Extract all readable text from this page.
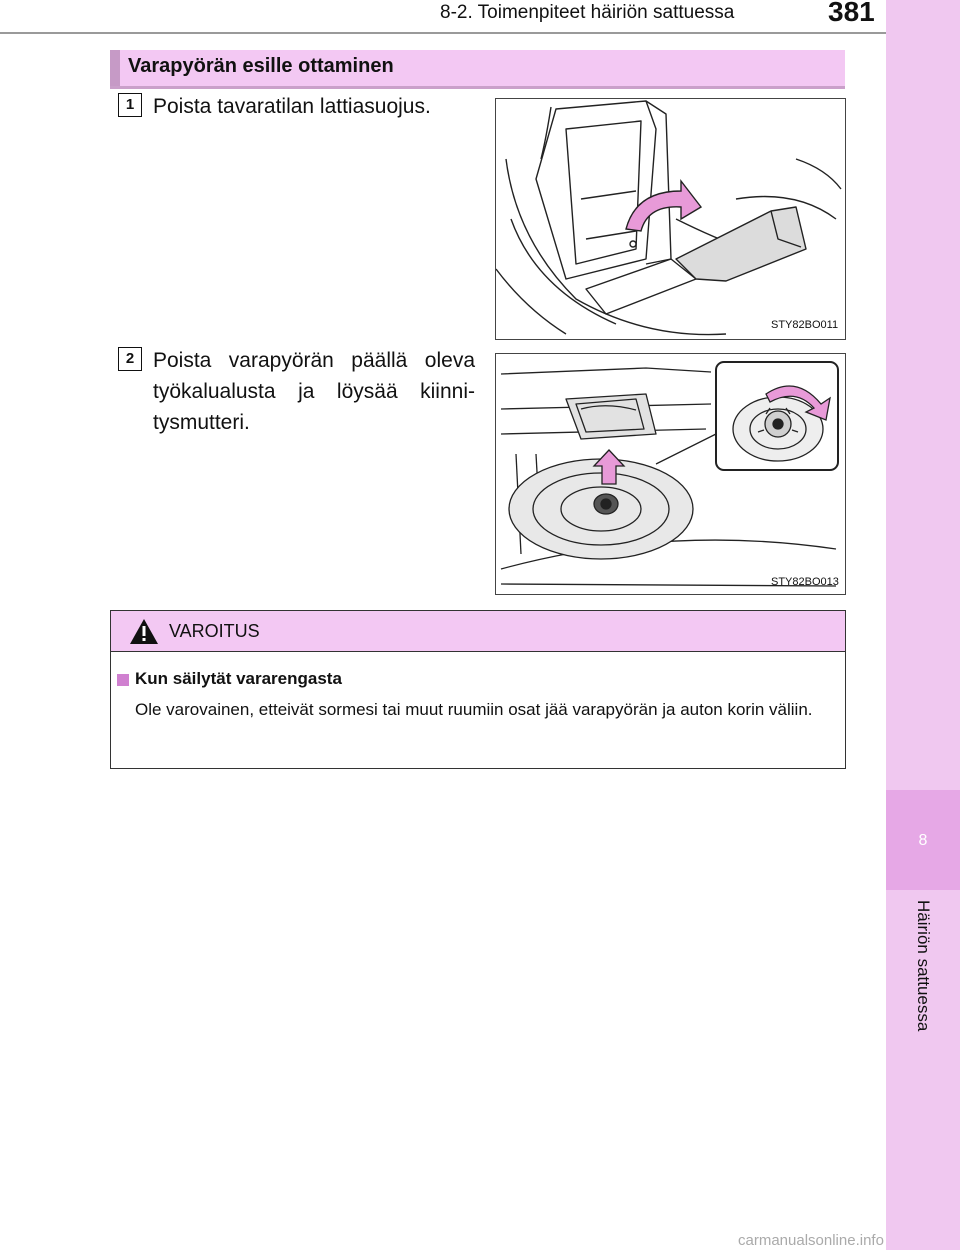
8-2. Toimenpiteet häiriön sattuessa	381
8
Häiriön sattuessa
Varapyörän esille ottaminen
1 Poista tavaratilan lattiasuojus.
STY82BO011
2 Poista varapyörän päällä oleva työkalualusta ja löysää kiinni-tysmutteri.
STY82BO013
VAROITUS
Kun säilytät vararengasta
Ole varovainen, etteivät sormesi tai muut ruumiin osat jää varapyörän ja auton korin väliin.
carmanualsonline.info
